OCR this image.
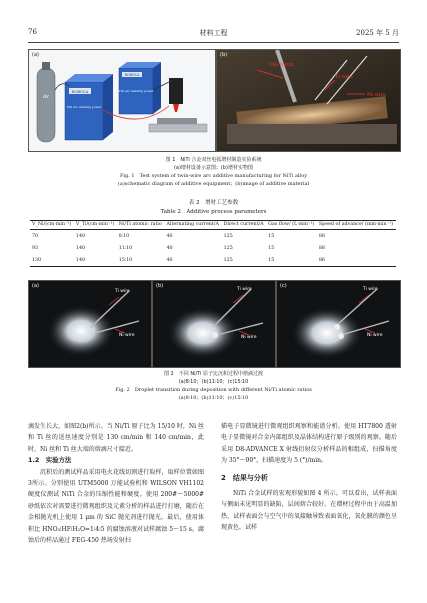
76	材料工程	2025 年 5 月
(a)
Ar
ROBOCA
TIG arc welding power
ROBOCA
TIG arc welding power
TIG torch
Ti wire
Ni wire
(b)
图 1　NiTi 合金双丝电弧增材制造实验系统
(a)增材设备示意图；(b)增材实物图
Fig. 1　Test system of twin-wire arc additive manufacturing for NiTi alloy
(a)schematic diagram of additive equipment；(b)image of additive material
表 2　增材工艺参数
Table 2　Additive process parameters
V_Ni/(cm·min⁻¹)	V_Ti/(cm·min⁻¹)	Ni/Ti atomic ratio	Alternating current/A	Direct current/A	Gas flow/ (L·min⁻¹)	Speed of advance/ (mm·min⁻¹)
70	140	8∶10	40	125	15	88
93	140	11∶10	40	125	15	88
130	140	15∶10	40	125	15	86
(a)
Ti wire
Ni wire
(b)
Ti wire
Ni wire
(c)
Ti wire
Ni wire
图 2　不同 Ni/Ti 原子比沉积过程中熔滴过渡
(a)8∶10；(b)11∶10；(c)15∶10
Fig. 2　Droplet transition during deposition with different Ni/Ti atomic ratios
(a)8∶10；(b)11∶10；(c)15∶10

滴发生长大，如图2(b)所示。当 Ni/Ti 原子比为 15/10 时，Ni 丝和 Ti 丝的送丝速度分别是 130 cm/min 和 140 cm/min，此时，Ni 丝和 Ti 丝大端的熔滴尺寸接近。

1.2　实验方法

沉积后的测试样品采用电火花线切割进行取样，取样位置如图3所示。分别使用 UTM5000 万能试验机和 WILSON VH1102 硬度仪测试 NiTi 合金的压缩性能和硬度。使用 200#～5000# 砂纸依次对需要进行微观组织及元素分析的样品进行打磨，随后在金相抛光机上使用 1 μm 的 SiC 抛光剂进行抛光。最后，使用体积比 HNO₃∶HF∶H₂O=1∶4∶5 的腐蚀溶液对试样腐蚀 5～15 s。腐蚀后的样品通过 FEG-450 热场发射扫

描电子显微镜进行微观组织观察和能谱分析。使用 HT7800 透射电子显微镜对合金内部组织及晶体结构进行原子级别的观察。随后采用 D8-ADVANCE X 射线衍射仪分析样品的相组成，扫描角度为 35°～90°，扫描速度为 5 (°)/min。

2　结果与分析

NiTi 合金试样的宏观形貌如图 4 所示。可以看出，试样表面与侧面未见明显的缺陷，层间熔合较好。在增材过程中由于高温加热，试样表面会与空气中的氧接触导致表面氧化，氧化膜的颜色呈现黄色。试样
